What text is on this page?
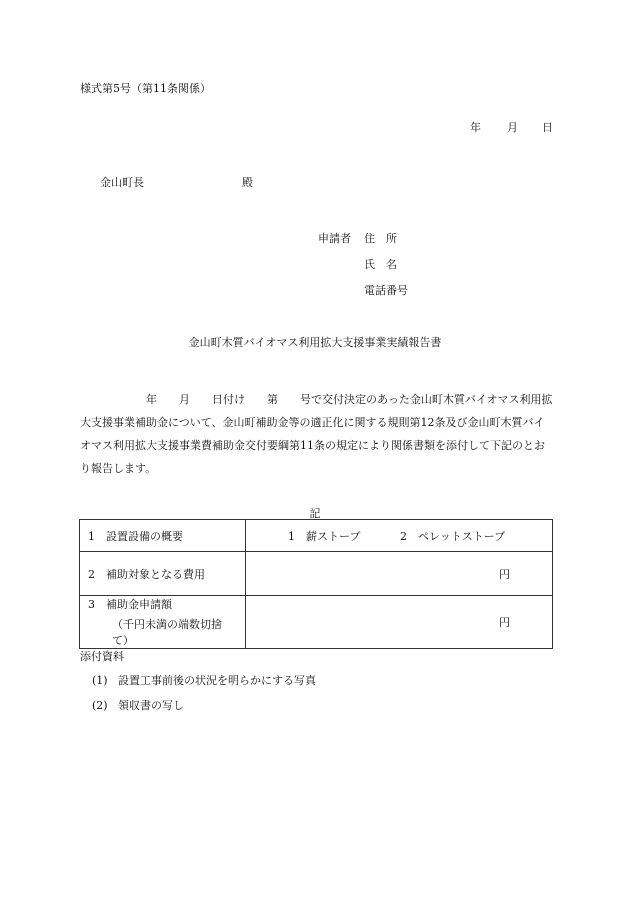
様式第5号（第11条関係）
年 月 日
金山町長	殿
申請者 住　所
氏　名
電話番号
金山町木質バイオマス利用拡大支援事業実績報告書
　　　　　　年　　月　　日付け　　第　　号で交付決定のあった金山町木質バイオマス利用拡大支援事業補助金について、金山町補助金等の適正化に関する規則第12条及び金山町木質バイオマス利用拡大支援事業費補助金交付要綱第11条の規定により関係書類を添付して下記のとおり報告します。
記
1　設置設備の概要	1　薪ストーブ 2　ペレットストーブ
2　補助対象となる費用	円
3　補助金申請額
（千円未満の端数切捨て）	円
添付資料
(1) 設置工事前後の状況を明らかにする写真
(2) 領収書の写し
